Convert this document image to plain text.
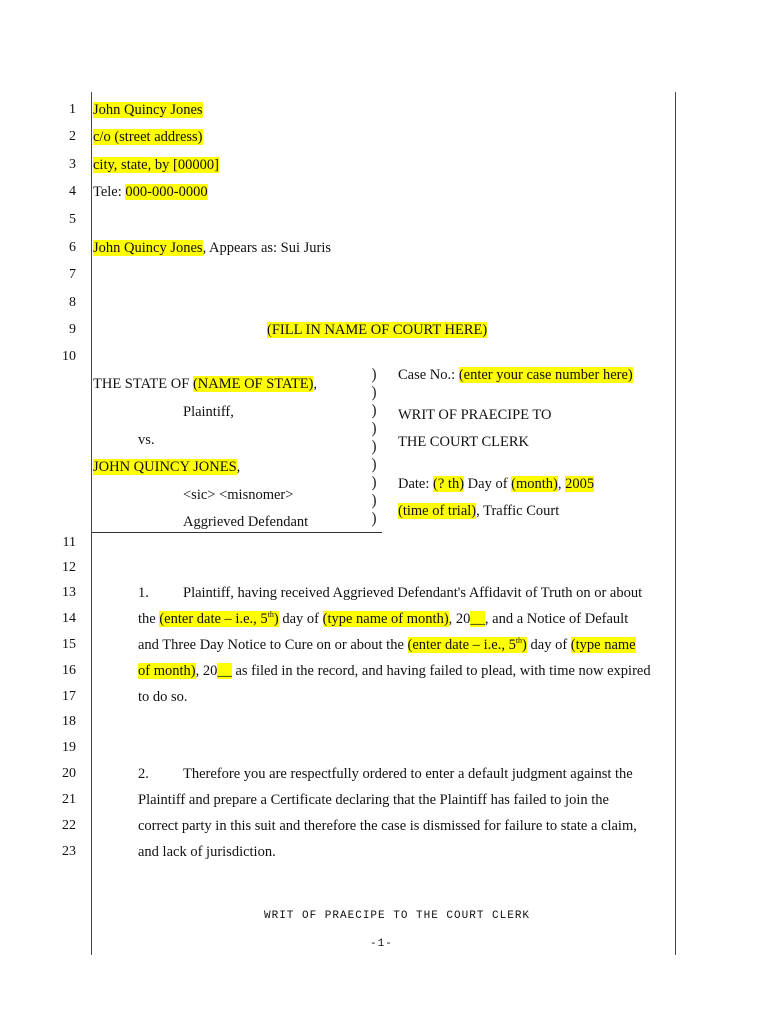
1
2
3
4
5
6
7
8
9
10
11
12
13
14
15
16
17
18
19
20
21
22
23
John Quincy Jones
c/o (street address)
city, state, by [00000]
Tele: 000-000-0000
John Quincy Jones, Appears as: Sui Juris
(FILL IN NAME OF COURT HERE)
THE STATE OF (NAME OF STATE),
Plaintiff,
vs.
JOHN QUINCY JONES,
<sic> <misnomer>
Aggrieved Defendant
)
)
)
)
)
)
)
)
)
Case No.: (enter your case number here)
WRIT OF PRAECIPE TO
THE COURT CLERK
Date: (? th) Day of (month), 2005
(time of trial), Traffic Court
1. Plaintiff, having received Aggrieved Defendant's Affidavit of Truth on or about
the (enter date – i.e., 5th) day of (type name of month), 20__, and a Notice of Default
and Three Day Notice to Cure on or about the (enter date – i.e., 5th) day of (type name
of month), 20__ as filed in the record, and having failed to plead, with time now expired
to do so.
2. Therefore you are respectfully ordered to enter a default judgment against the
Plaintiff and prepare a Certificate declaring that the Plaintiff has failed to join the
correct party in this suit and therefore the case is dismissed for failure to state a claim,
and lack of jurisdiction.
WRIT OF PRAECIPE TO THE COURT CLERK
-1-
